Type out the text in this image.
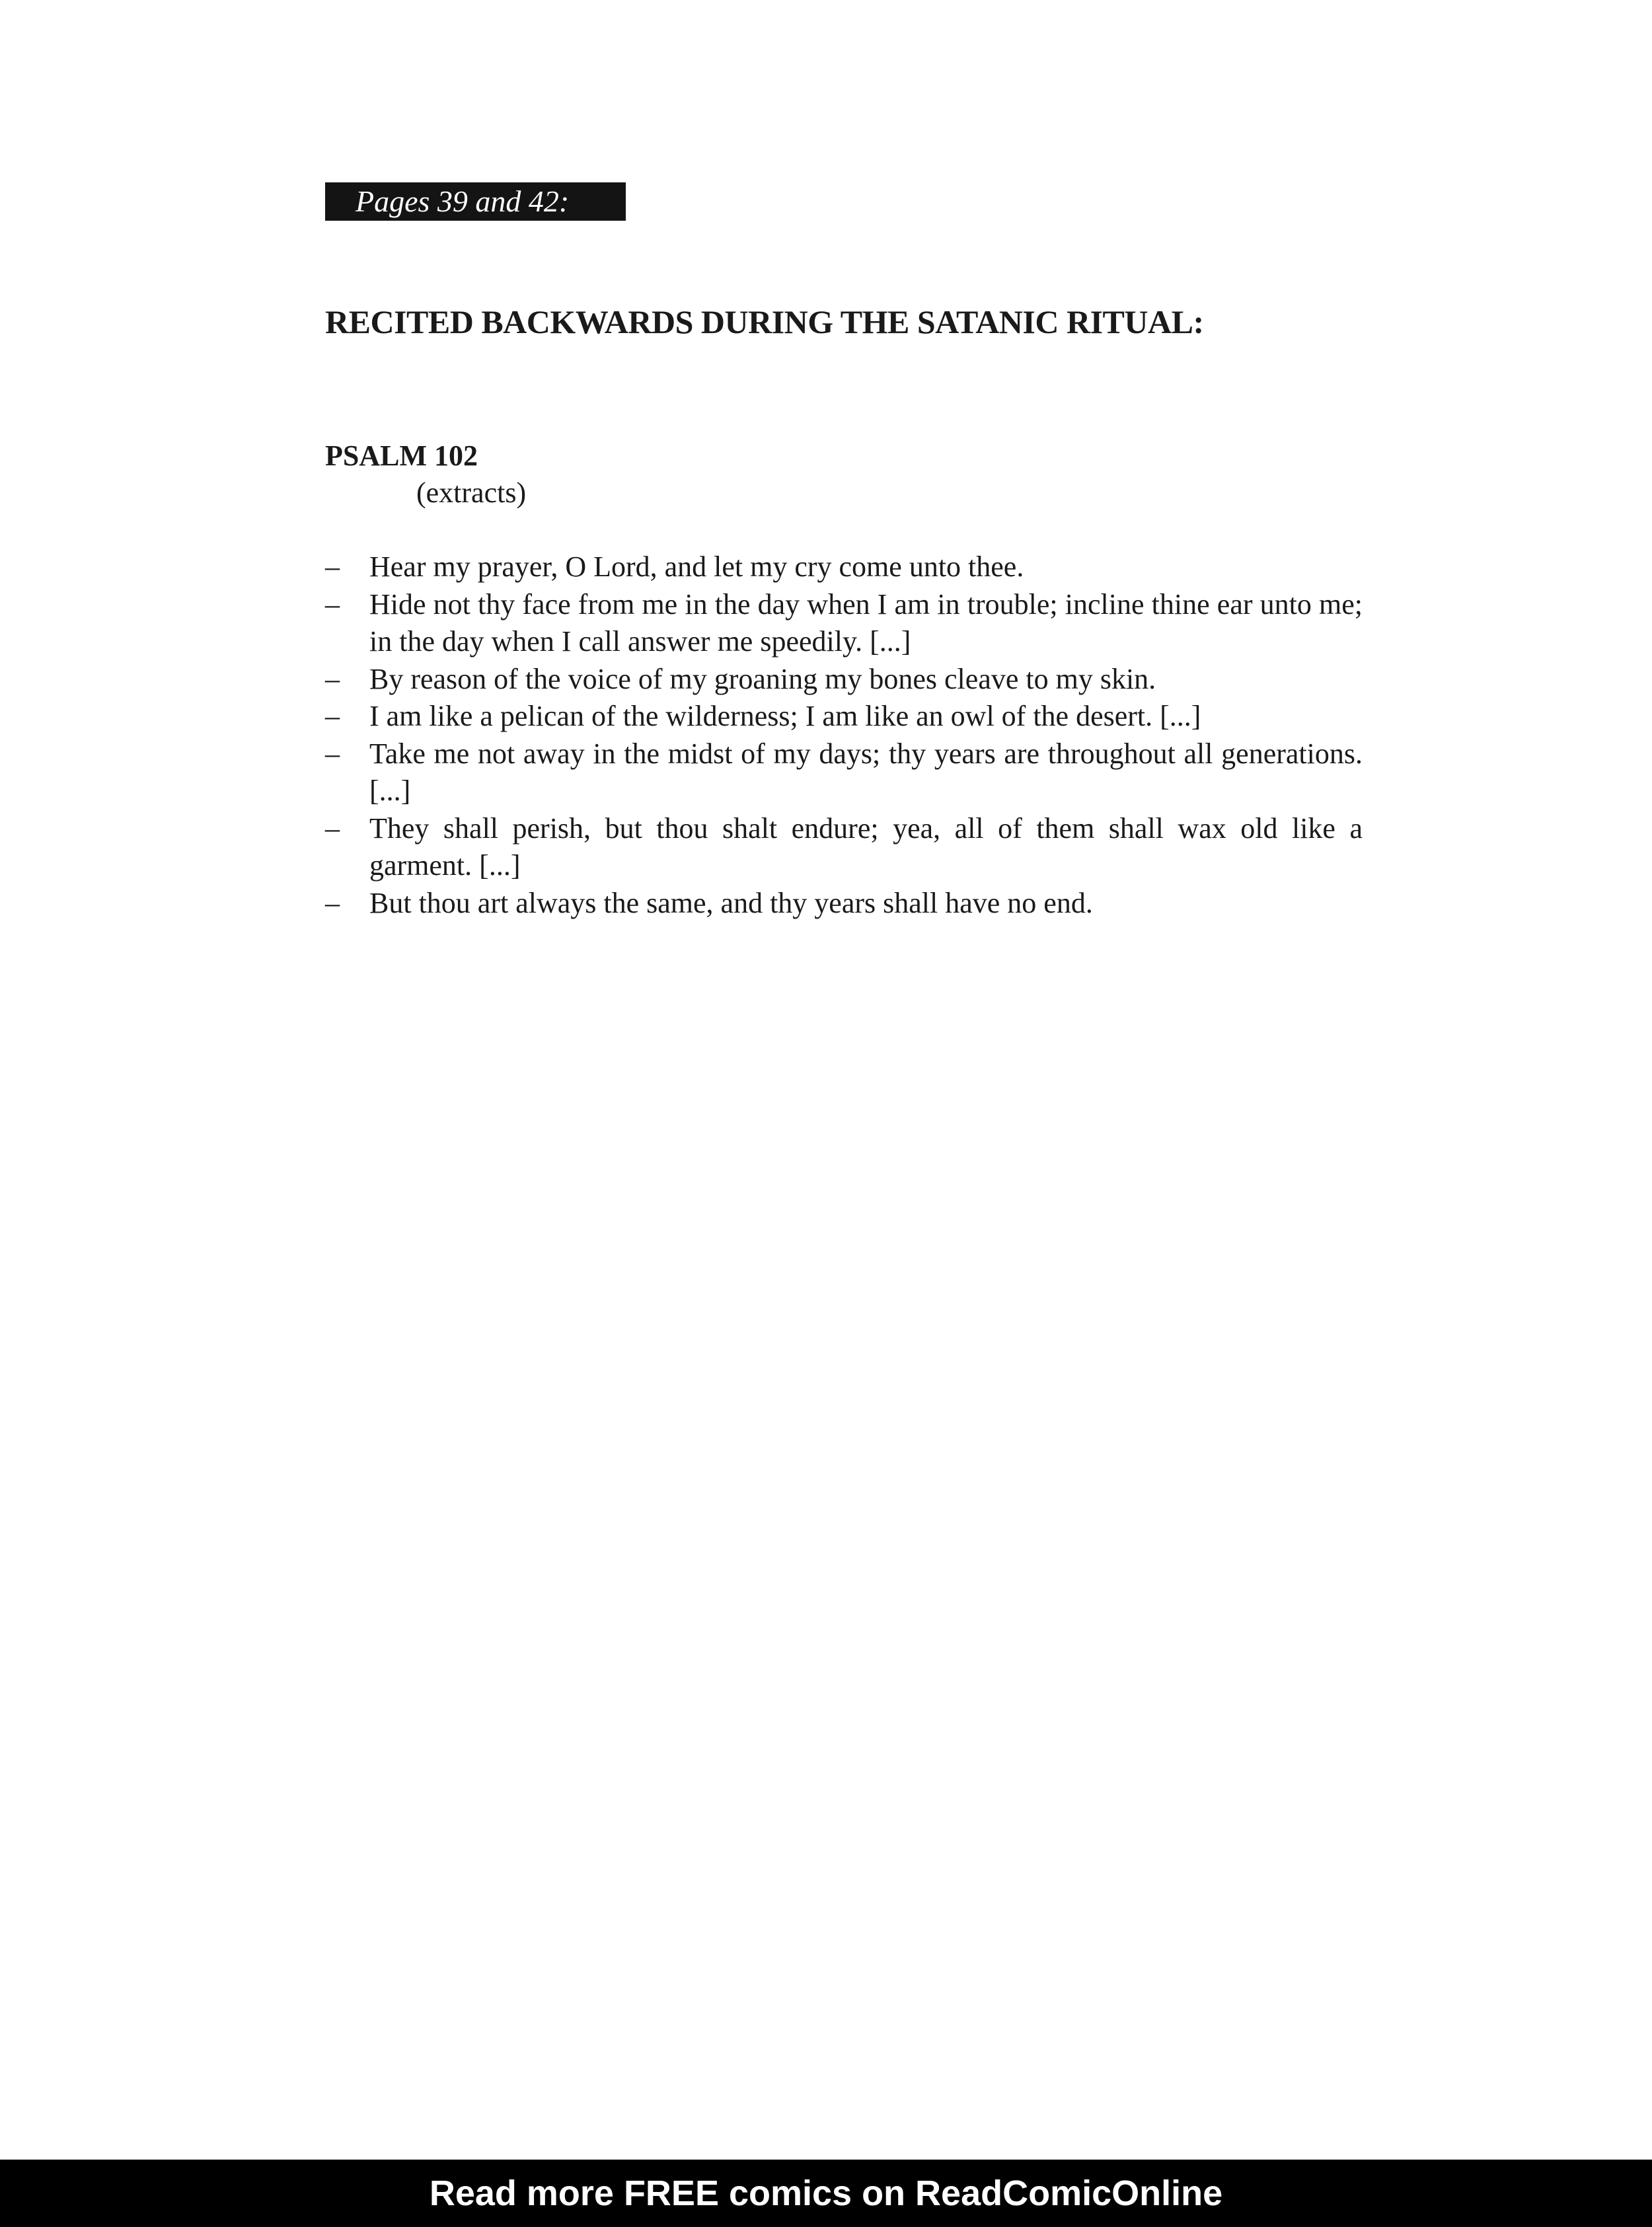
Pages 39 and 42:
RECITED BACKWARDS DURING THE SATANIC RITUAL:
PSALM 102
(extracts)
– Hear my prayer, O Lord, and let my cry come unto thee.
– Hide not thy face from me in the day when I am in trouble; incline thine ear unto me; in the day when I call answer me speedily. [...]
– By reason of the voice of my groaning my bones cleave to my skin.
– I am like a pelican of the wilderness; I am like an owl of the desert. [...]
– Take me not away in the midst of my days; thy years are throughout all generations. [...]
– They shall perish, but thou shalt endure; yea, all of them shall wax old like a garment. [...]
– But thou art always the same, and thy years shall have no end.
Read more FREE comics on ReadComicOnline
